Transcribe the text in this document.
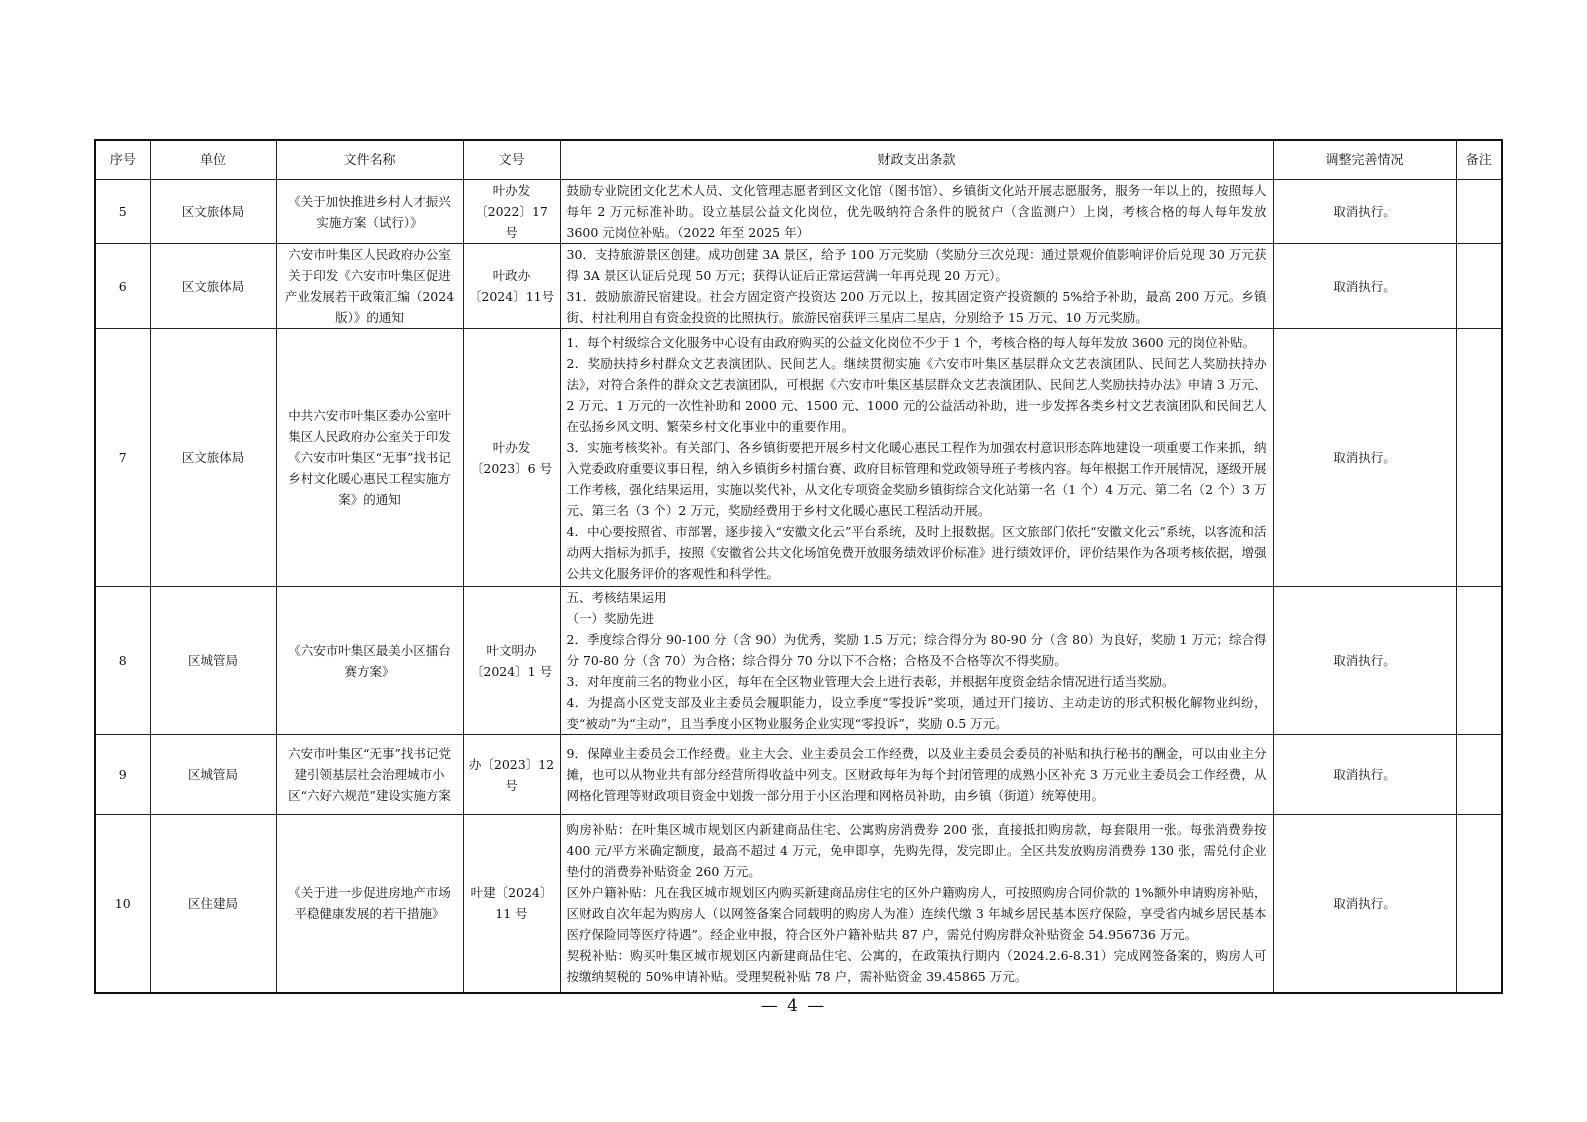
序号	单位	文件名称	文号	财政支出条款	调整完善情况	备注
5	区文旅体局	《关于加快推进乡村人才振兴实施方案（试行）》	叶办发〔2022〕17 号	鼓励专业院团文化艺术人员、文化管理志愿者到区文化馆（图书馆）、乡镇街文化站开展志愿服务，服务一年以上的，按照每人每年 2 万元标准补助。设立基层公益文化岗位，优先吸纳符合条件的脱贫户（含监测户）上岗，考核合格的每人每年发放 3600 元岗位补贴。（2022 年至 2025 年）	取消执行。	
6	区文旅体局	六安市叶集区人民政府办公室关于印发《六安市叶集区促进产业发展若干政策汇编（2024 版）》的通知	叶政办〔2024〕11号	30．支持旅游景区创建。成功创建 3A 景区，给予 100 万元奖励（奖励分三次兑现：通过景观价值影响评价后兑现 30 万元获得 3A 景区认证后兑现 50 万元；获得认证后正常运营满一年再兑现 20 万元）。
31．鼓励旅游民宿建设。社会方固定资产投资达 200 万元以上，按其固定资产投资额的 5%给予补助，最高 200 万元。乡镇街、村社利用自有资金投资的比照执行。旅游民宿获评三星店二星店，分别给予 15 万元、10 万元奖励。	取消执行。	
7	区文旅体局	中共六安市叶集区委办公室叶集区人民政府办公室关于印发《六安市叶集区“无事”找书记乡村文化暖心惠民工程实施方案》的通知	叶办发〔2023〕6 号	1．每个村级综合文化服务中心设有由政府购买的公益文化岗位不少于 1 个，考核合格的每人每年发放 3600 元的岗位补贴。
2．奖励扶持乡村群众文艺表演团队、民间艺人。继续贯彻实施《六安市叶集区基层群众文艺表演团队、民间艺人奖励扶持办法》，对符合条件的群众文艺表演团队，可根据《六安市叶集区基层群众文艺表演团队、民间艺人奖励扶持办法》申请 3 万元、2 万元、1 万元的一次性补助和 2000 元、1500 元、1000 元的公益活动补助，进一步发挥各类乡村文艺表演团队和民间艺人在弘扬乡风文明、繁荣乡村文化事业中的重要作用。
3．实施考核奖补。有关部门、各乡镇街要把开展乡村文化暖心惠民工程作为加强农村意识形态阵地建设一项重要工作来抓，纳入党委政府重要议事日程，纳入乡镇街乡村擂台赛、政府目标管理和党政领导班子考核内容。每年根据工作开展情况，逐级开展工作考核，强化结果运用，实施以奖代补，从文化专项资金奖励乡镇街综合文化站第一名（1 个）4 万元、第二名（2 个）3 万元、第三名（3 个）2 万元，奖励经费用于乡村文化暖心惠民工程活动开展。
4．中心要按照省、市部署，逐步接入“安徽文化云”平台系统，及时上报数据。区文旅部门依托“安徽文化云”系统，以客流和活动两大指标为抓手，按照《安徽省公共文化场馆免费开放服务绩效评价标准》进行绩效评价，评价结果作为各项考核依据，增强公共文化服务评价的客观性和科学性。	取消执行。	
8	区城管局	《六安市叶集区最美小区擂台赛方案》	叶文明办〔2024〕1 号	五、考核结果运用
（一）奖励先进
2．季度综合得分 90-100 分（含 90）为优秀，奖励 1.5 万元；综合得分为 80-90 分（含 80）为良好，奖励 1 万元；综合得分 70-80 分（含 70）为合格；综合得分 70 分以下不合格；合格及不合格等次不得奖励。
3．对年度前三名的物业小区，每年在全区物业管理大会上进行表彰，并根据年度资金结余情况进行适当奖励。
4．为提高小区党支部及业主委员会履职能力，设立季度“零投诉”奖项，通过开门接访、主动走访的形式积极化解物业纠纷，变“被动”为“主动”，且当季度小区物业服务企业实现“零投诉”，奖励 0.5 万元。	取消执行。	
9	区城管局	六安市叶集区“无事”找书记党建引领基层社会治理城市小区“六好六规范”建设实施方案	办〔2023〕12号	9．保障业主委员会工作经费。业主大会、业主委员会工作经费，以及业主委员会委员的补贴和执行秘书的酬金，可以由业主分摊，也可以从物业共有部分经营所得收益中列支。区财政每年为每个封闭管理的成熟小区补充 3 万元业主委员会工作经费，从网格化管理等财政项目资金中划拨一部分用于小区治理和网格员补助，由乡镇（街道）统筹使用。	取消执行。	
10	区住建局	《关于进一步促进房地产市场平稳健康发展的若干措施》	叶建〔2024〕11 号	购房补贴：在叶集区城市规划区内新建商品住宅、公寓购房消费券 200 张，直接抵扣购房款，每套限用一张。每张消费券按 400 元/平方米确定额度，最高不超过 4 万元，免申即享，先购先得，发完即止。全区共发放购房消费券 130 张，需兑付企业垫付的消费券补贴资金 260 万元。
区外户籍补贴：凡在我区城市规划区内购买新建商品房住宅的区外户籍购房人，可按照购房合同价款的 1%额外申请购房补贴，区财政自次年起为购房人（以网签备案合同载明的购房人为准）连续代缴 3 年城乡居民基本医疗保险，享受省内城乡居民基本医疗保险同等医疗待遇”。经企业申报，符合区外户籍补贴共 87 户，需兑付购房群众补贴资金 54.956736 万元。
契税补贴：购买叶集区城市规划区内新建商品住宅、公寓的，在政策执行期内（2024.2.6-8.31）完成网签备案的，购房人可按缴纳契税的 50%申请补贴。受理契税补贴 78 户，需补贴资金 39.45865 万元。	取消执行。	
— 4 —
